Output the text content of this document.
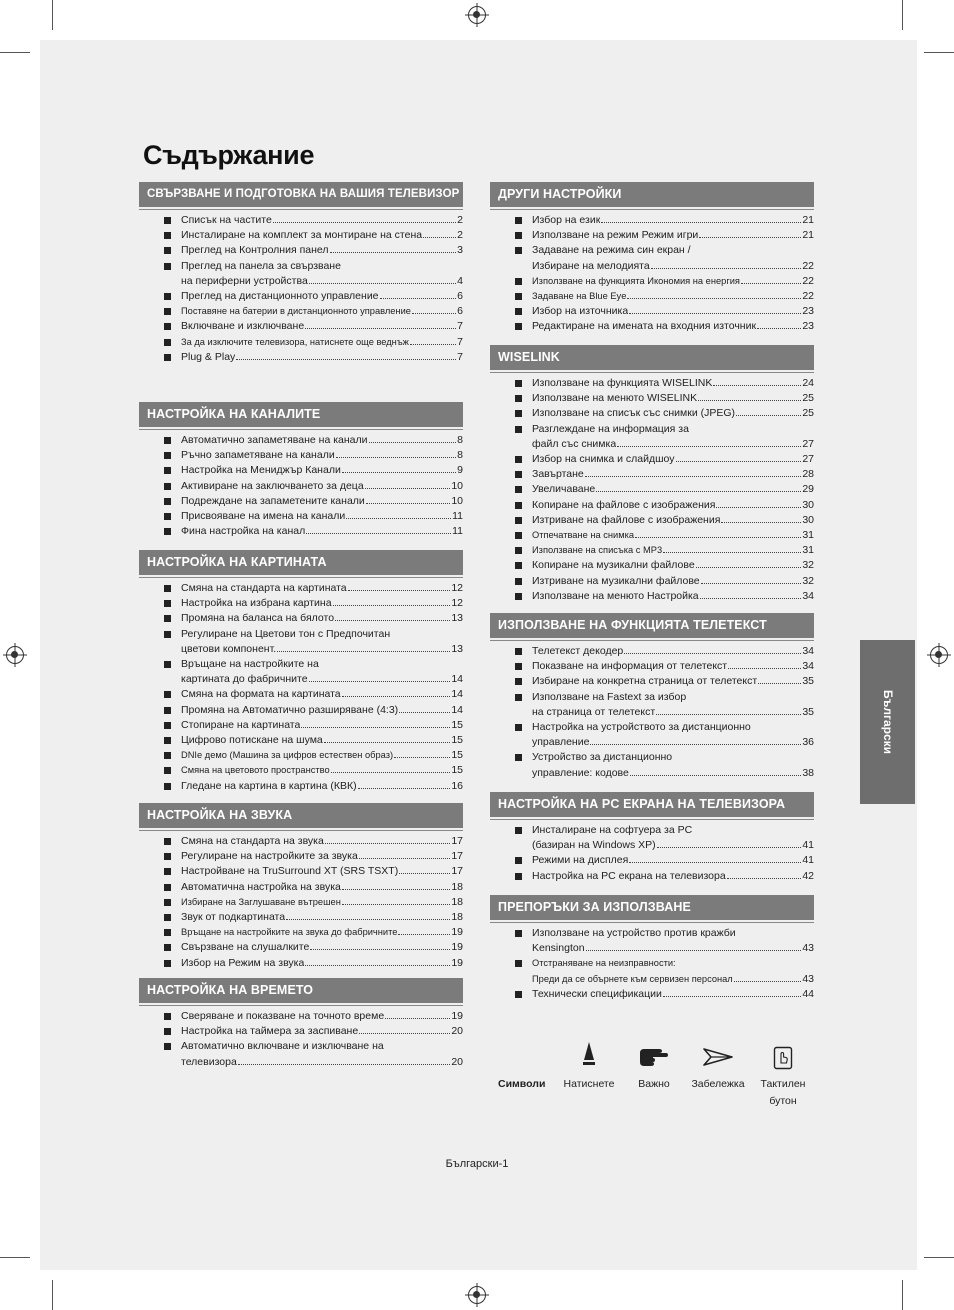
Съдържание
СВЪРЗВАНЕ И ПОДГОТОВКА НА ВАШИЯ ТЕЛЕВИЗОР
Списък на частите	2
Инсталиране на комплект за монтиране на стена	2
Преглед на Контролния панел	3
Преглед на панела за свързване
на периферни устройства	4
Преглед на дистанционното управление	6
Поставяне на батерии в дистанционното управление	6
Включване и изключване	7
За да изключите телевизора, натиснете още веднъж	7
Plug & Play	7
НАСТРОЙКА НА КАНАЛИТЕ
Автоматично запаметяване на канали	8
Ръчно запаметяване на канали	8
Настройка на Мениджър Канали	9
Активиране на заключването за деца	10
Подреждане на запаметените канали	10
Присвояване на имена на канали	11
Фина настройка на канал	11
НАСТРОЙКА НА КАРТИНАТА
Смяна на стандарта на картината	12
Настройка на избрана картина	12
Промяна на баланса на бялото	13
Регулиране на Цветови тон с Предпочитан
цветови компонент.	13
Връщане на настройките на
картината до фабричните	14
Смяна на формата на картината	14
Промяна на Автоматично разширяване (4:3)	14
Стопиране на картината	15
Цифрово потискане на шума	15
DNIe демо (Машина за цифров естествен образ)	15
Смяна на цветовото пространство	15
Гледане на картина в картина (КВК)	16
НАСТРОЙКА НА ЗВУКА
Смяна на стандарта на звука	17
Регулиране на настройките за звука	17
Настройване на TruSurround XT (SRS TSXT)	17
Автоматична настройка на звука	18
Избиране на Заглушаване вътрешен	18
Звук от подкартината	18
Връщане на настройките на звука до фабричните	19
Свързване на слушалките	19
Избор на Режим на звука	19
НАСТРОЙКА НА ВРЕМЕТО
Сверяване и показване на точното време	19
Настройка на таймера за заспиване	20
Автоматично включване и изключване на
телевизора	20
ДРУГИ НАСТРОЙКИ
Избор на език	21
Използване на режим Режим игри	21
Задаване на режима син екран /
Избиране на мелодията	22
Използване на функцията Икономия на енергия	22
Задаване на Blue Eye	22
Избор на източника	23
Редактиране на имената на входния източник	23
WISELINK
Използване на функцията WISELINK	24
Използване на менюто WISELINK	25
Използване на списък със снимки (JPEG)	25
Разглеждане на информация за
файл със снимка	27
Избор на снимка и слайдшоу	27
Завъртане	28
Увеличаване	29
Копиране на файлове с изображения	30
Изтриване на файлове с изображения	30
Отпечатване на снимка	31
Използване на списъка с MP3	31
Копиране на музикални файлове	32
Изтриване на музикални файлове	32
Използване на менюто Настройка	34
ИЗПОЛЗВАНЕ НА ФУНКЦИЯТА ТЕЛЕТЕКСТ
Телетекст декодер	34
Показване на информация от телетекст	34
Избиране на конкретна страница от телетекст	35
Използване на Fastext за избор
на страница от телетекст	35
Настройка на устройството за дистанционно
управление	36
Устройство за дистанционно
управление: кодове	38
НАСТРОЙКА НА PC ЕКРАНА НА ТЕЛЕВИЗОРА
Инсталиране на софтуера за PC
(базиран на Windows XP)	41
Режими на дисплея	41
Настройка на PC екрана на телевизора	42
ПРЕПОРЪКИ ЗА ИЗПОЛЗВАНЕ
Използване на устройство против кражби
Kensington	43
Отстраняване на неизправности:
Преди да се обърнете към сервизен персонал	43
Технически спецификации	44
Български
Символи	Натиснете	Важно	Забележка	Тактилен
бутон
Български-1
